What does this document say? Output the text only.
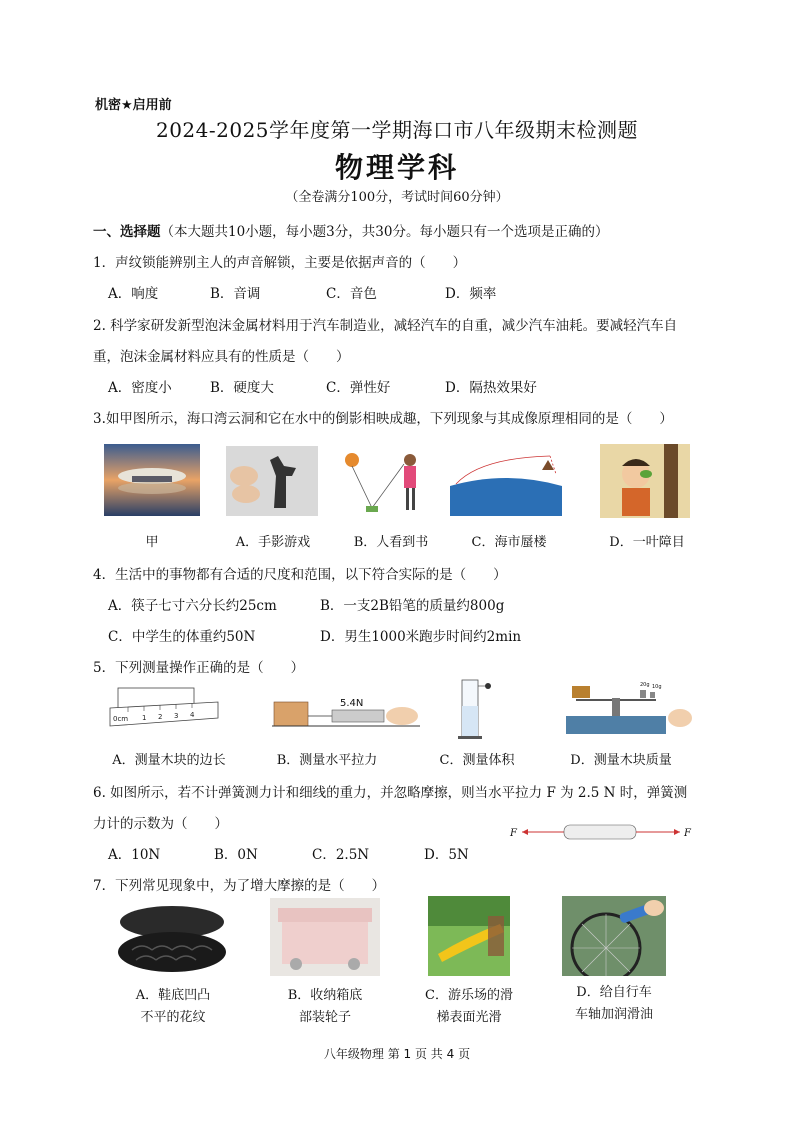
机密★启用前
2024-2025学年度第一学期海口市八年级期末检测题
物理学科
（全卷满分100分，考试时间60分钟）
一、选择题（本大题共10小题，每小题3分，共30分。每小题只有一个选项是正确的）
1．声纹锁能辨别主人的声音解锁，主要是依据声音的（　　）
A．响度	B．音调	C．音色	D．频率
2. 科学家研发新型泡沫金属材料用于汽车制造业，减轻汽车的自重，减少汽车油耗。要减轻汽车自
重，泡沫金属材料应具有的性质是（　　）
A．密度小	B．硬度大	C．弹性好	D．隔热效果好
3.如甲图所示，海口湾云洞和它在水中的倒影相映成趣，下列现象与其成像原理相同的是（　　）
甲	A．手影游戏	B．人看到书	C．海市蜃楼	D．一叶障目
4．生活中的事物都有合适的尺度和范围，以下符合实际的是（　　）
A．筷子七寸六分长约25cm	B．一支2B铅笔的质量约800g
C．中学生的体重约50N	D．男生1000米跑步时间约2min
5．下列测量操作正确的是（　　）
0cm 1 2 3 4
5.4N
20g 10g
A．测量木块的边长	B．测量水平拉力	C．测量体积	D．测量木块质量
6. 如图所示，若不计弹簧测力计和细线的重力，并忽略摩擦，则当水平拉力 F 为 2.5 N 时，弹簧测
力计的示数为（　　）
F	F
A．10N	B．0N	C．2.5N	D．5N
7．下列常见现象中，为了增大摩擦的是（　　）
A．鞋底凹凸
不平的花纹
B．收纳箱底
部装轮子
C．游乐场的滑
梯表面光滑
D．给自行车
车轴加润滑油
八年级物理 第 1 页 共 4 页
